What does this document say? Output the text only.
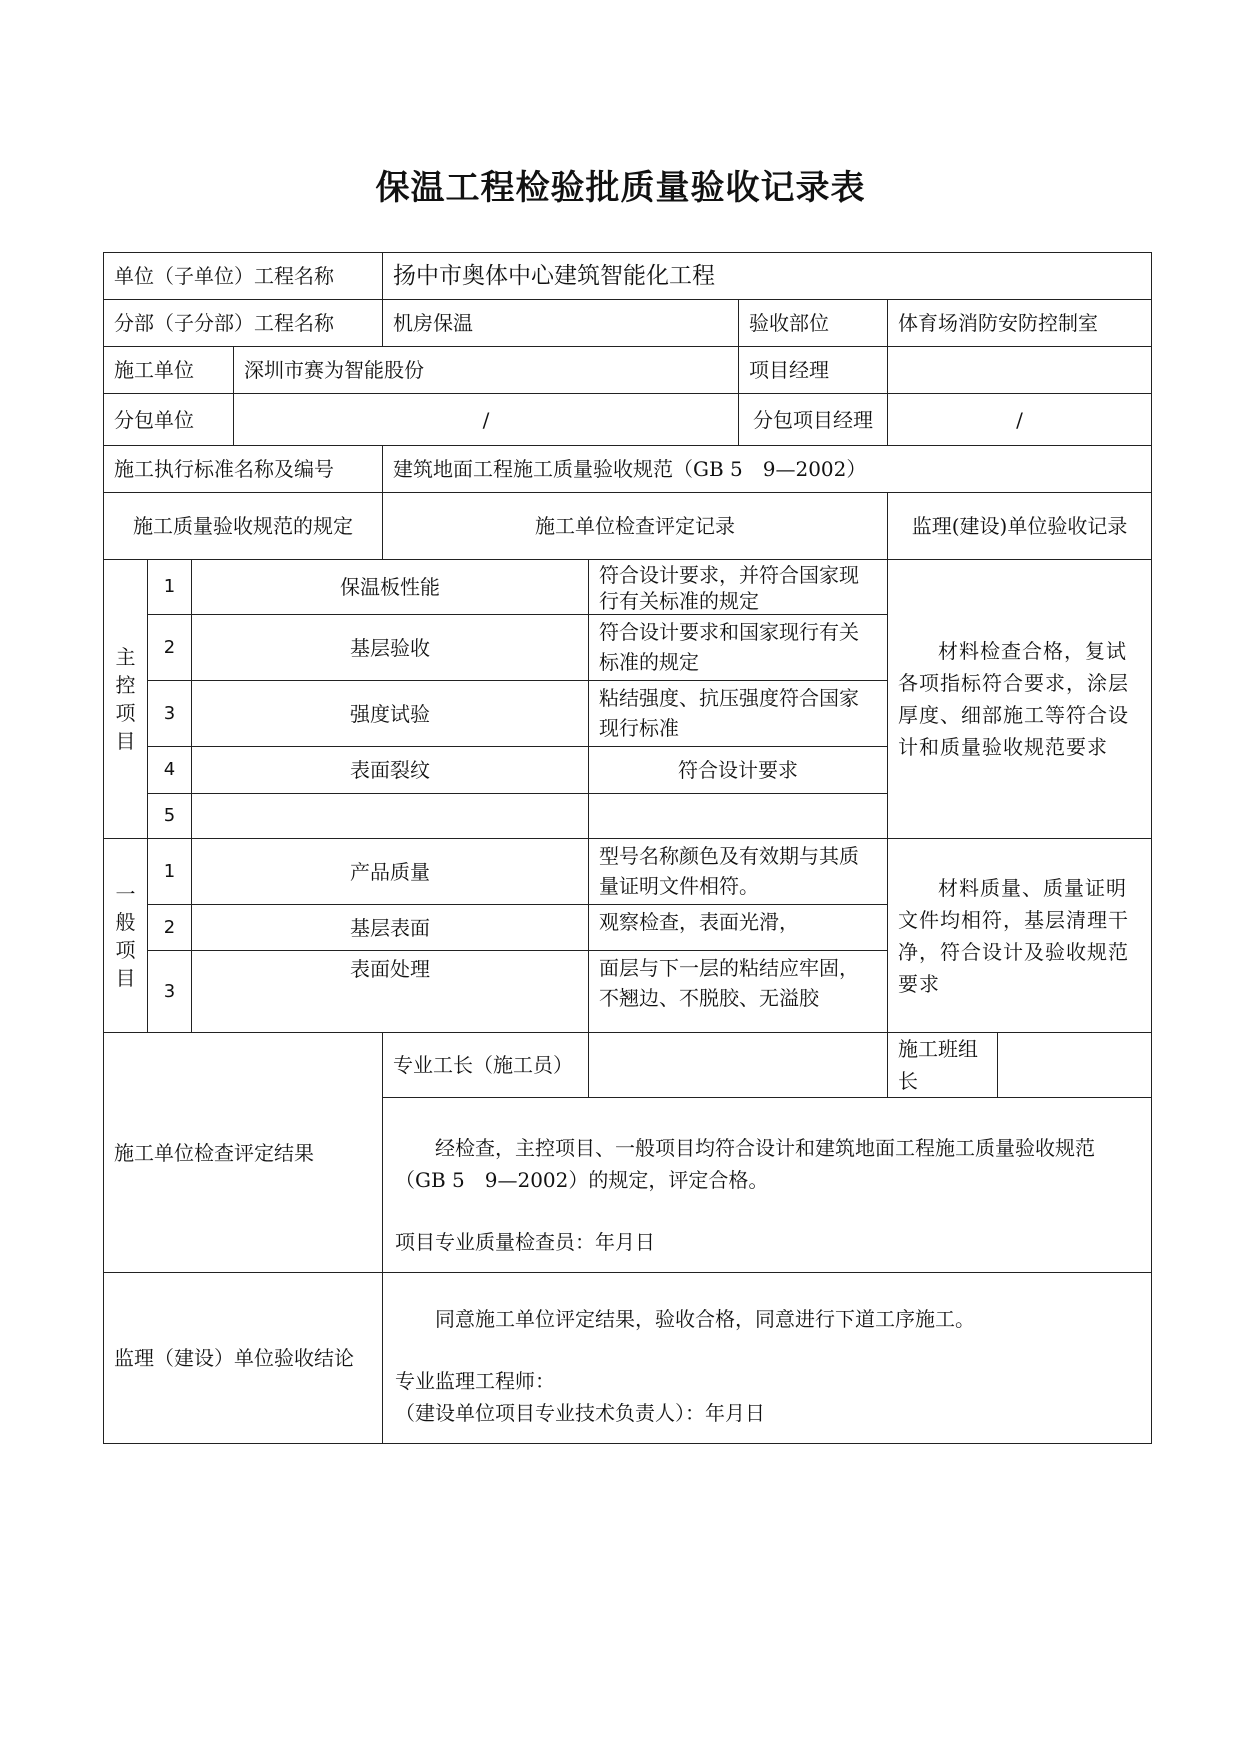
保温工程检验批质量验收记录表
单位（子单位）工程名称				扬中市奥体中心建筑智能化工程				
分部（子分部）工程名称				机房保温		验收部位	体育场消防安防控制室	
施工单位			深圳市赛为智能股份			项目经理		
分包单位			/			分包项目经理	/	
施工执行标准名称及编号				建筑地面工程施工质量验收规范（GB 5　9—2002）				
施工质量验收规范的规定				施工单位检查评定记录			监理(建设)单位验收记录	

主
控
项
目	1	保温板性能			符合设计要求，并符合国家现行有关标准的规定		材料检查合格，复试各项指标符合要求，涂层厚度、细部施工等符合设计和质量验收规范要求	

	2	基层验收			符合设计要求和国家现行有关标准的规定			
	3	强度试验			粘结强度、抗压强度符合国家现行标准			
	4	表面裂纹			符合设计要求			
	5							

一
般
项
目	1	产品质量			型号名称颜色及有效期与其质量证明文件相符。		材料质量、质量证明文件均相符，基层清理干净，符合设计及验收规范要求	

	2	基层表面			观察检查，表面光滑，			
	3	表面处理			面层与下一层的粘结应牢固，不翘边、不脱胶、无溢胶			
施工单位检查评定结果				专业工长（施工员）			施工班组长	

				经检查，主控项目、一般项目均符合设计和建筑地面工程施工质量验收规范（GB 5　9—2002）的规定，评定合格。

项目专业质量检查员：年月日				

监理（建设）单位验收结论				同意施工单位评定结果，验收合格，同意进行下道工序施工。

专业监理工程师：

（建设单位项目专业技术负责人）：年月日				
